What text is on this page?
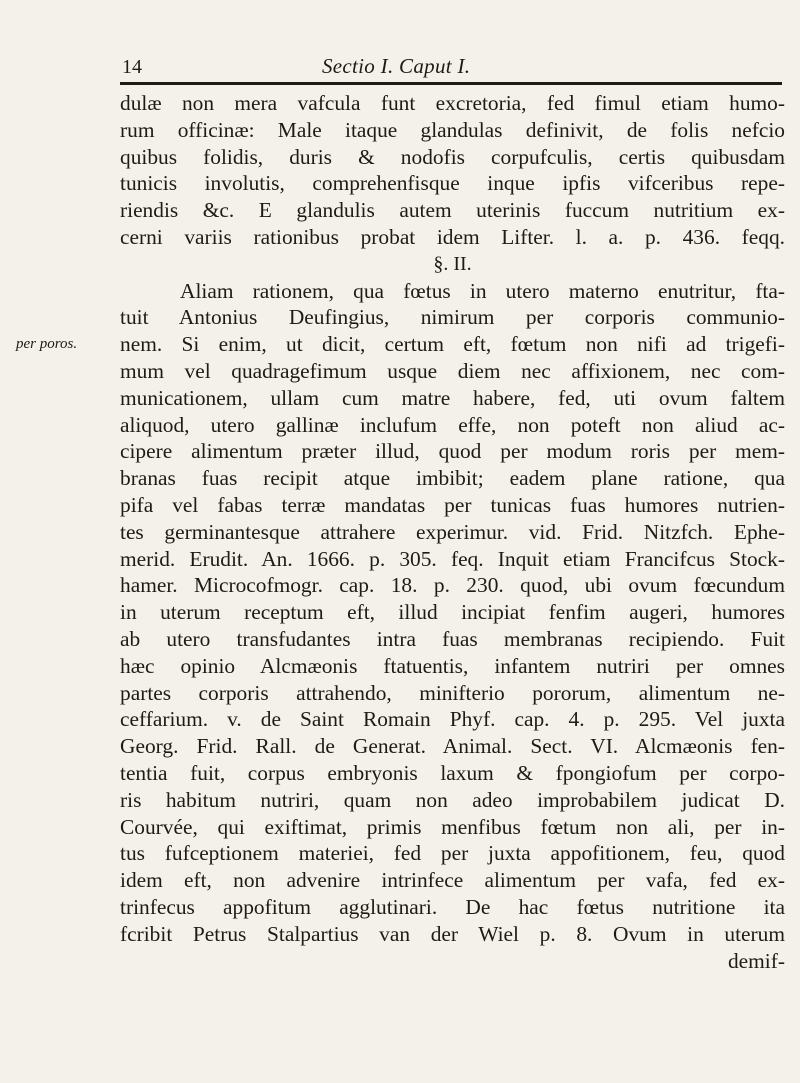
14	Sectio I. Caput I.
per poros.
dulæ non mera vafcula funt excretoria, fed fimul etiam humo-
rum officinæ: Male itaque glandulas definivit, de folis nefcio
quibus folidis, duris & nodofis corpufculis, certis quibusdam
tunicis involutis, comprehenfisque inque ipfis vifceribus repe-
riendis &c. E glandulis autem uterinis fuccum nutritium ex-
cerni variis rationibus probat idem Lifter. l. a. p. 436. feqq.
§. II.
Aliam rationem, qua fœtus in utero materno enutritur, fta-
tuit Antonius Deufingius, nimirum per corporis communio-
nem. Si enim, ut dicit, certum eft, fœtum non nifi ad trigefi-
mum vel quadragefimum usque diem nec affixionem, nec com-
municationem, ullam cum matre habere, fed, uti ovum faltem
aliquod, utero gallinæ inclufum effe, non poteft non aliud ac-
cipere alimentum præter illud, quod per modum roris per mem-
branas fuas recipit atque imbibit; eadem plane ratione, qua
pifa vel fabas terræ mandatas per tunicas fuas humores nutrien-
tes germinantesque attrahere experimur. vid. Frid. Nitzfch. Ephe-
merid. Erudit. An. 1666. p. 305. feq. Inquit etiam Francifcus Stock-
hamer. Microcofmogr. cap. 18. p. 230. quod, ubi ovum fœcundum
in uterum receptum eft, illud incipiat fenfim augeri, humores
ab utero transfudantes intra fuas membranas recipiendo. Fuit
hæc opinio Alcmæonis ftatuentis, infantem nutriri per omnes
partes corporis attrahendo, minifterio pororum, alimentum ne-
ceffarium. v. de Saint Romain Phyf. cap. 4. p. 295. Vel juxta
Georg. Frid. Rall. de Generat. Animal. Sect. VI. Alcmæonis fen-
tentia fuit, corpus embryonis laxum & fpongiofum per corpo-
ris habitum nutriri, quam non adeo improbabilem judicat D.
Courvée, qui exiftimat, primis menfibus fœtum non ali, per in-
tus fufceptionem materiei, fed per juxta appofitionem, feu, quod
idem eft, non advenire intrinfece alimentum per vafa, fed ex-
trinfecus appofitum agglutinari. De hac fœtus nutritione ita
fcribit Petrus Stalpartius van der Wiel p. 8. Ovum in uterum
demif-
